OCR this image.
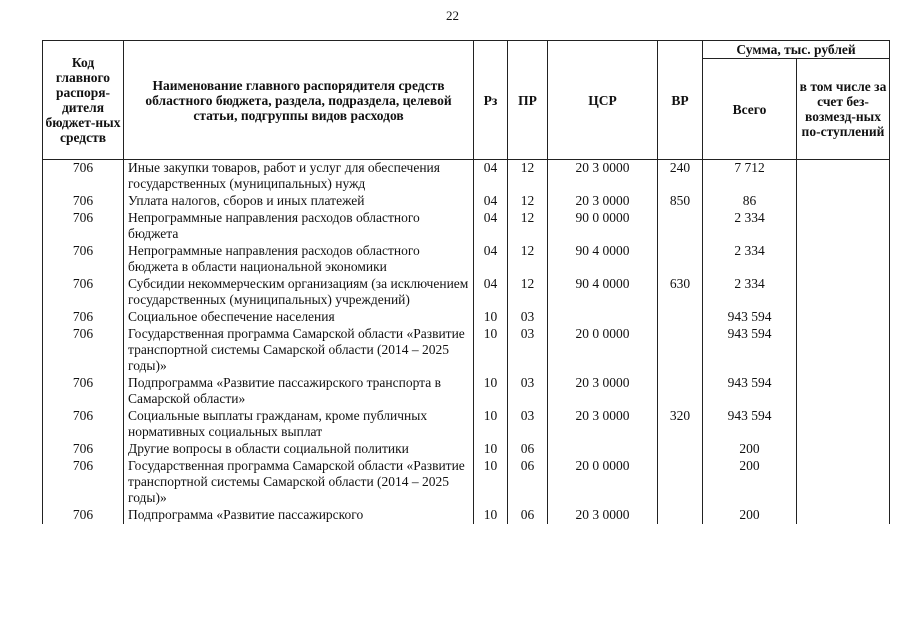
22
Код главного распоря-дителя бюджет-ных средств	Наименование главного распорядителя средств областного бюджета, раздела, подраздела, целевой статьи, подгруппы видов расходов	Рз	ПР	ЦСР	ВР	Сумма, тыс. рублей	
						Всего	в том числе за счет без-возмезд-ных по-ступлений
706	Иные закупки товаров, работ и услуг для обеспечения государственных (муниципальных) нужд	04	12	20 3 0000	240	7 712	
706	Уплата налогов, сборов и иных платежей	04	12	20 3 0000	850	86	
706	Непрограммные направления расходов областного бюджета	04	12	90 0 0000		2 334	
706	Непрограммные направления расходов областного бюджета в области национальной экономики	04	12	90 4 0000		2 334	
706	Субсидии некоммерческим организациям (за исключением государственных (муниципальных) учреждений)	04	12	90 4 0000	630	2 334	
706	Социальное обеспечение населения	10	03			943 594	
706	Государственная программа Самарской области «Развитие транспортной системы Самарской области (2014 – 2025 годы)»	10	03	20 0 0000		943 594	
706	Подпрограмма «Развитие пассажирского транспорта в Самарской области»	10	03	20 3 0000		943 594	
706	Социальные выплаты гражданам, кроме публичных нормативных социальных выплат	10	03	20 3 0000	320	943 594	
706	Другие вопросы в области социальной политики	10	06			200	
706	Государственная программа Самарской области «Развитие транспортной системы Самарской области (2014 – 2025 годы)»	10	06	20 0 0000		200	
706	Подпрограмма «Развитие пассажирского	10	06	20 3 0000		200	
